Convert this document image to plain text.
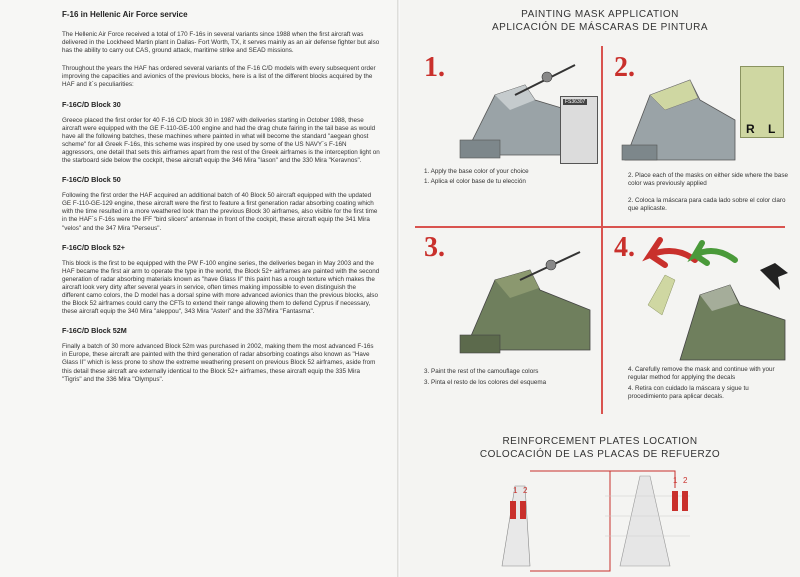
F-16 in Hellenic Air Force service

The Hellenic Air Force received a total of 170 F-16s in several variants since 1988 when the first aircraft was delivered in the Lockheed Martin plant in Dallas- Fort Worth, TX, it serves mainly as an air defense fighter but also has the ability to carry out CAS, ground attack, maritime strike and SEAD missions.

Throughout the years the HAF has ordered several variants of the F-16 C/D models with every subsequent order improving the capacities and avionics of the previous blocks, here is a list of the different blocks acquired by the HAF and it´s peculiarities:

F-16C/D Block 30

Greece placed the first order for 40 F-16 C/D block 30 in 1987 with deliveries starting in October 1988, these aircraft were equipped with the GE F-110-GE-100 engine and had the drag chute fairing in the tail base as would have all the following batches, these machines where painted in what will become the standard "aegean ghost scheme" for all Greek F-16s, this scheme was inspired by one used by some of the US NAVY´s F-16N aggressors, one detail that sets this airframes apart from the rest of the Greek airframes is the interception light on the starboard side below the cockpit, these aircraft equip the 346 Mira "Iason" and the 330 Mira "Keravnos".

F-16C/D Block 50

Following the first order the HAF acquired an additional batch of 40 Block 50 aircraft equipped with the updated GE F-110-GE-129 engine, these aircraft were the first to feature a first generation radar absorbing coating which with the time resulted in a more weathered look than the previous Block 30 airframes, also visible for the first time in the HAF´s F-16s were the IFF "bird slicers" antennae in front of the cockpit, these aircraft equip the 341 Mira "velos" and the 347 Mira "Perseus".

F-16C/D Block 52+

This block is the first to be equipped with the PW F-100 engine series, the deliveries began in May 2003 and the HAF became the first air arm to operate the type in the world, the Block 52+ airframes are painted with the second generation of radar absorbing materials known as "have Glass II" this paint has a rough texture which makes the aircraft look very dirty after several years in service, often times making impossible to even distinguish the different camo colors, the D model has a dorsal spine with more advanced avionics than the previous blocks, also the Block 52 airframes could carry the CFTs to extend their range allowing them to defend Cyprus if necessary, these aircraft equip the 340 Mira "aleppou", 343 Mira "Asteri" and the 337Mira "Fantasma".

F-16C/D Block 52M

Finally a batch of 30 more advanced Block 52m was purchased in 2002, making them the most advanced F-16s in Europe, these aircraft are painted with the third generation of radar absorbing coatings also known as "Have Glass II" which is less prone to show the extreme weathering present on previous Block 52 airframes, aside from this detail these aircraft are externally identical to the Block 52+ airframes, these aircraft equip the 335 Mira "Tigris" and the 336 Mira "Olympus".

PAINTING MASK APPLICATION
APLICACIÓN DE MÁSCARAS DE PINTURA
1.
FS36307
1. Apply the base color of your choice
1. Aplica el color base de tu elección
2.
R L
2. Place each of the masks on either side where the base color was previously applied
2. Coloca la máscara para cada lado sobre el color claro que aplicaste.
3.
3. Paint the rest of the camouflage colors
3. Pinta el resto de los colores del esquema
4.
4. Carefully remove the mask and continue with your regular method for applying the decals
4. Retira con cuidado la máscara y sigue tu procedimiento para aplicar decals.
REINFORCEMENT PLATES LOCATION
COLOCACIÓN DE LAS PLACAS DE REFUERZO
1 2
1 2
